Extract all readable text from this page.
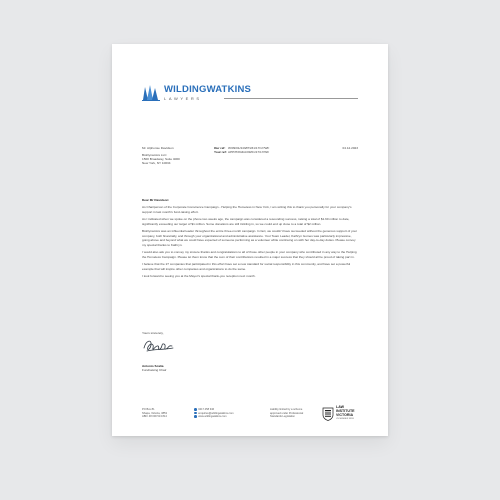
WILDINGWATKINS
LAWYERS
Mr. Alphonse Davidson
BioDynamics LLC
1500 Broadway, Suite 4000
New York, NY 10034
Our ref: W/09/01/443/PN/31/17/17/WF
Your ref: APP/H/844/A/09/01/17/17/WF
04.12.2023
Dear Mr Davidson:

As Chairperson of the Corporate Conscience Campaign - Helping the Homeless in New York, I am writing this to thank you personally for your company's support in last month's fund-raising effort.

As I indicated when we spoke on the phone two weeks ago, the campaign was considered a resounding success, raising a total of $1.60 million to date, significantly exceeding our target of $1 million. Some donations are still trickling in, so we could end up close to a total of $2 million.

BioDynamics was an influential leader throughout the entire three-month campaign. In fact, we couldn't have succeeded without the generous support of your company, both financially, and through your organizational and administrative assistance. Your Team Leader, Kathryn Gomes was particularly impressive, going above and beyond what we could have expected of someone performing as a volunteer while continuing on with her day-to-day duties. Please convey my special thanks to Kathryn.

I would also ask you to convey my sincere thanks and congratulations to all of those other people in your company who contributed in any way to the Helping the Homeless Campaign. Please let them know that the sum of their contributions resulted in a major success that they should all be proud of taking part in.

I believe that the 27 companies that participated in this effort have set a new standard for social responsibility in this community, and have set a powerful example that will inspire other companies and organizations to do the same.

I look forward to seeing you at the Mayor's special thank-you reception next month.

Yours sincerely,
Antonio Scalia
Fundraising Chair
PO Box 81
Nhapa, Victoria, 3853
ABN: 48 000 513 814
0417 458 346
enquiries@wildingwatkins.com
www.wildingwatkins.com
Liability limited by a scheme
approved under Professional
Standards Legislation
LAW
INSTITUTE
VICTORIA
LIV MEMBER FIRM
